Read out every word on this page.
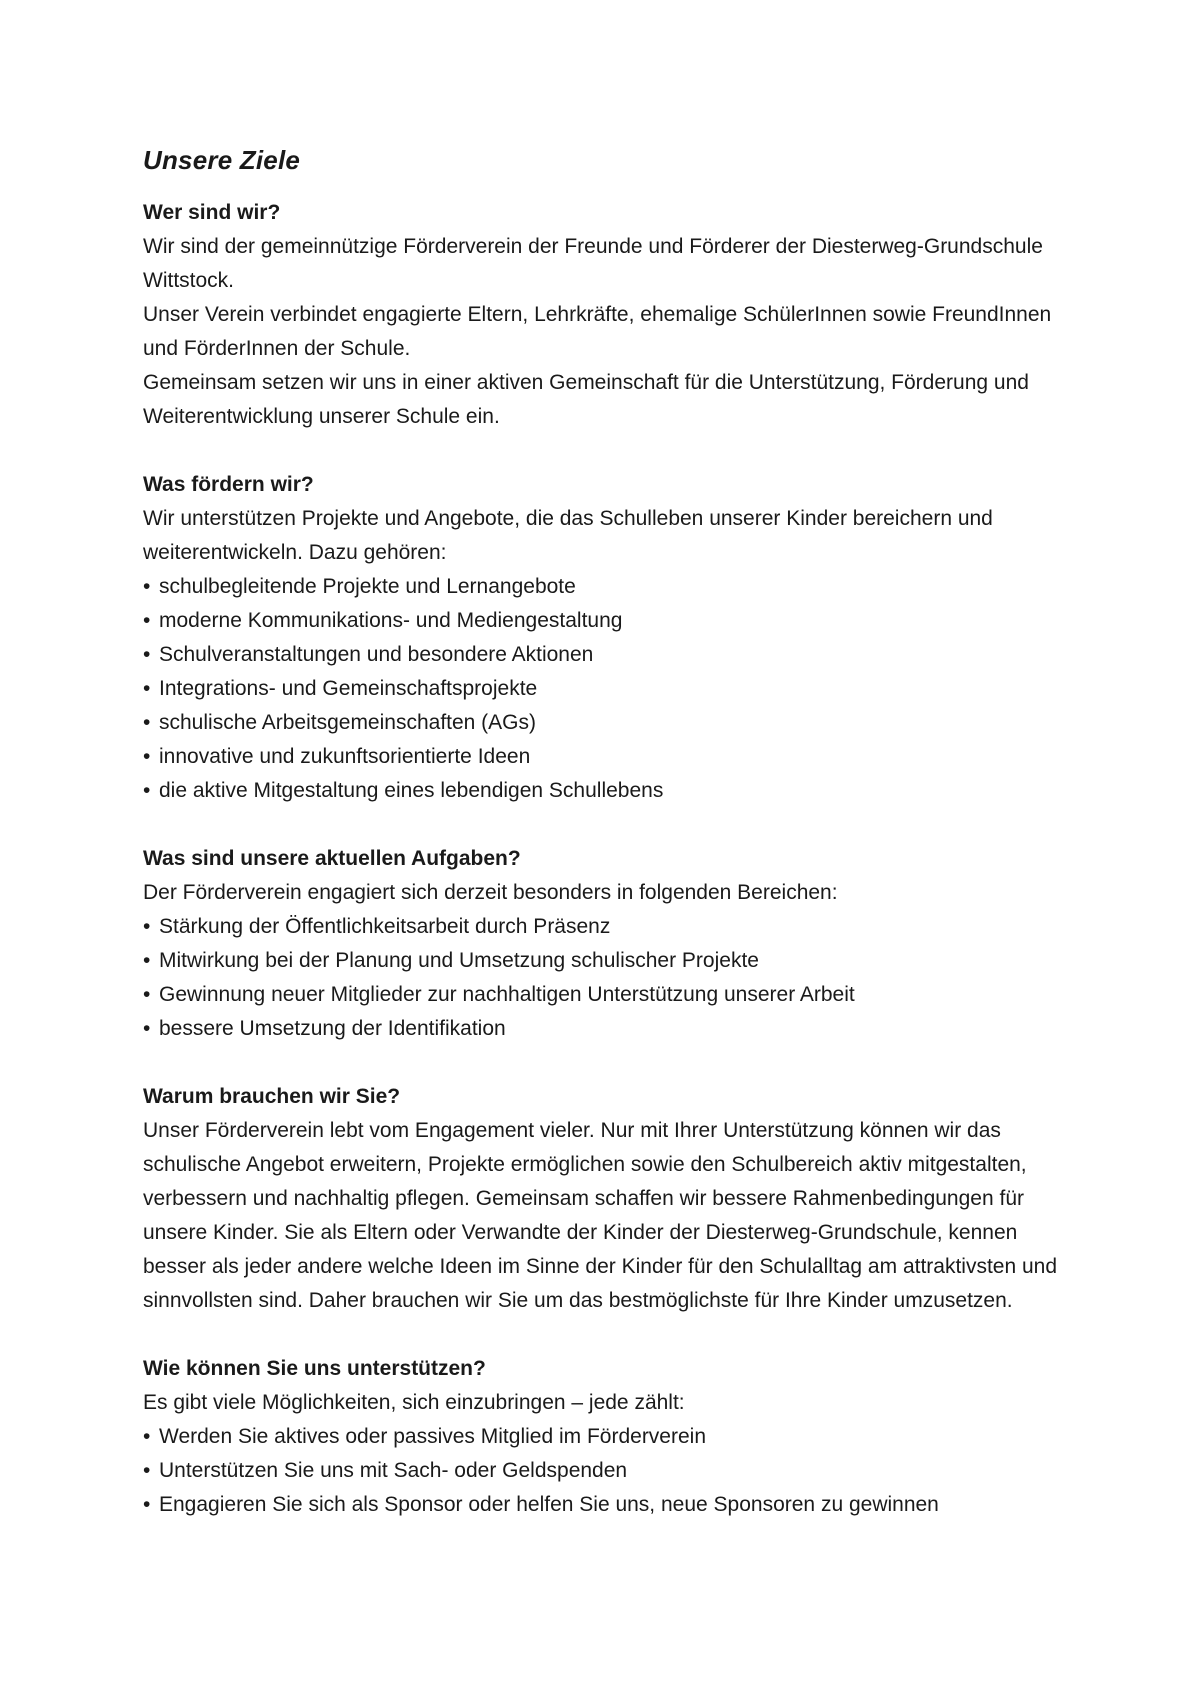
Unsere Ziele

Wer sind wir?

Wir sind der gemeinnützige Förderverein der Freunde und Förderer der Diesterweg-Grundschule Wittstock.

Unser Verein verbindet engagierte Eltern, Lehrkräfte, ehemalige SchülerInnen sowie FreundInnen und FörderInnen der Schule.

Gemeinsam setzen wir uns in einer aktiven Gemeinschaft für die Unterstützung, Förderung und Weiterentwicklung unserer Schule ein.

Was fördern wir?

Wir unterstützen Projekte und Angebote, die das Schulleben unserer Kinder bereichern und weiterentwickeln. Dazu gehören:

• schulbegleitende Projekte und Lernangebote
• moderne Kommunikations- und Mediengestaltung
• Schulveranstaltungen und besondere Aktionen
• Integrations- und Gemeinschaftsprojekte
• schulische Arbeitsgemeinschaften (AGs)
• innovative und zukunftsorientierte Ideen
• die aktive Mitgestaltung eines lebendigen Schullebens

Was sind unsere aktuellen Aufgaben?

Der Förderverein engagiert sich derzeit besonders in folgenden Bereichen:

• Stärkung der Öffentlichkeitsarbeit durch Präsenz
• Mitwirkung bei der Planung und Umsetzung schulischer Projekte
• Gewinnung neuer Mitglieder zur nachhaltigen Unterstützung unserer Arbeit
• bessere Umsetzung der Identifikation

Warum brauchen wir Sie?

Unser Förderverein lebt vom Engagement vieler. Nur mit Ihrer Unterstützung können wir das schulische Angebot erweitern, Projekte ermöglichen sowie den Schulbereich aktiv mitgestalten, verbessern und nachhaltig pflegen. Gemeinsam schaffen wir bessere Rahmenbedingungen für unsere Kinder. Sie als Eltern oder Verwandte der Kinder der Diesterweg-Grundschule, kennen besser als jeder andere welche Ideen im Sinne der Kinder für den Schulalltag am attraktivsten und sinnvollsten sind. Daher brauchen wir Sie um das bestmöglichste für Ihre Kinder umzusetzen.

Wie können Sie uns unterstützen?

Es gibt viele Möglichkeiten, sich einzubringen – jede zählt:

• Werden Sie aktives oder passives Mitglied im Förderverein
• Unterstützen Sie uns mit Sach- oder Geldspenden
• Engagieren Sie sich als Sponsor oder helfen Sie uns, neue Sponsoren zu gewinnen
